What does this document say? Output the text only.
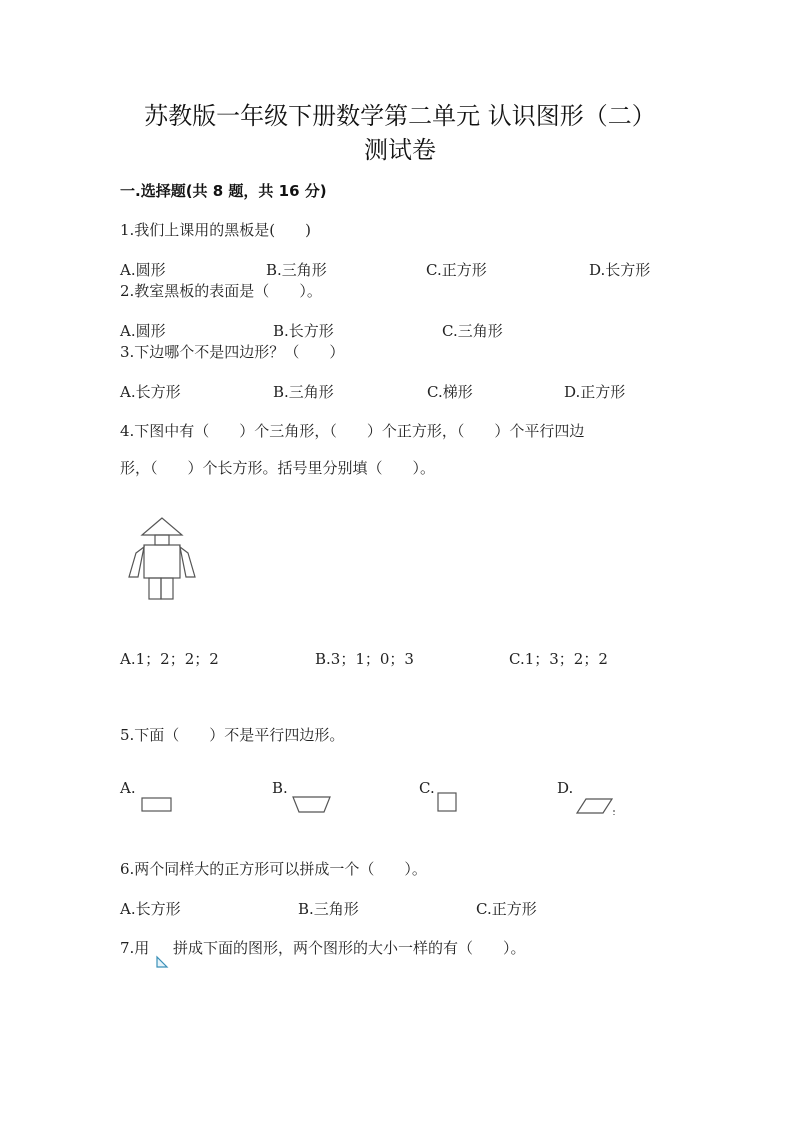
苏教版一年级下册数学第二单元 认识图形（二）
测试卷
一.选择题(共 8 题，共 16 分)
1.我们上课用的黑板是(　　)
A.圆形	B.三角形	C.正方形	D.长方形
2.教室黑板的表面是（　　）。
A.圆形	B.长方形	C.三角形
3.下边哪个不是四边形？（　　）
A.长方形	B.三角形	C.梯形	D.正方形
4.下图中有（　　）个三角形，（　　）个正方形，（　　）个平行四边
形，（　　）个长方形。括号里分别填（　　）。
A.1；2；2；2	B.3；1；0；3	C.1；3；2；2
5.下面（　　）不是平行四边形。
A.	B.	C.	D.
6.两个同样大的正方形可以拼成一个（　　）。
A.长方形	B.三角形	C.正方形
7.用 拼成下面的图形，两个图形的大小一样的有（　　）。
